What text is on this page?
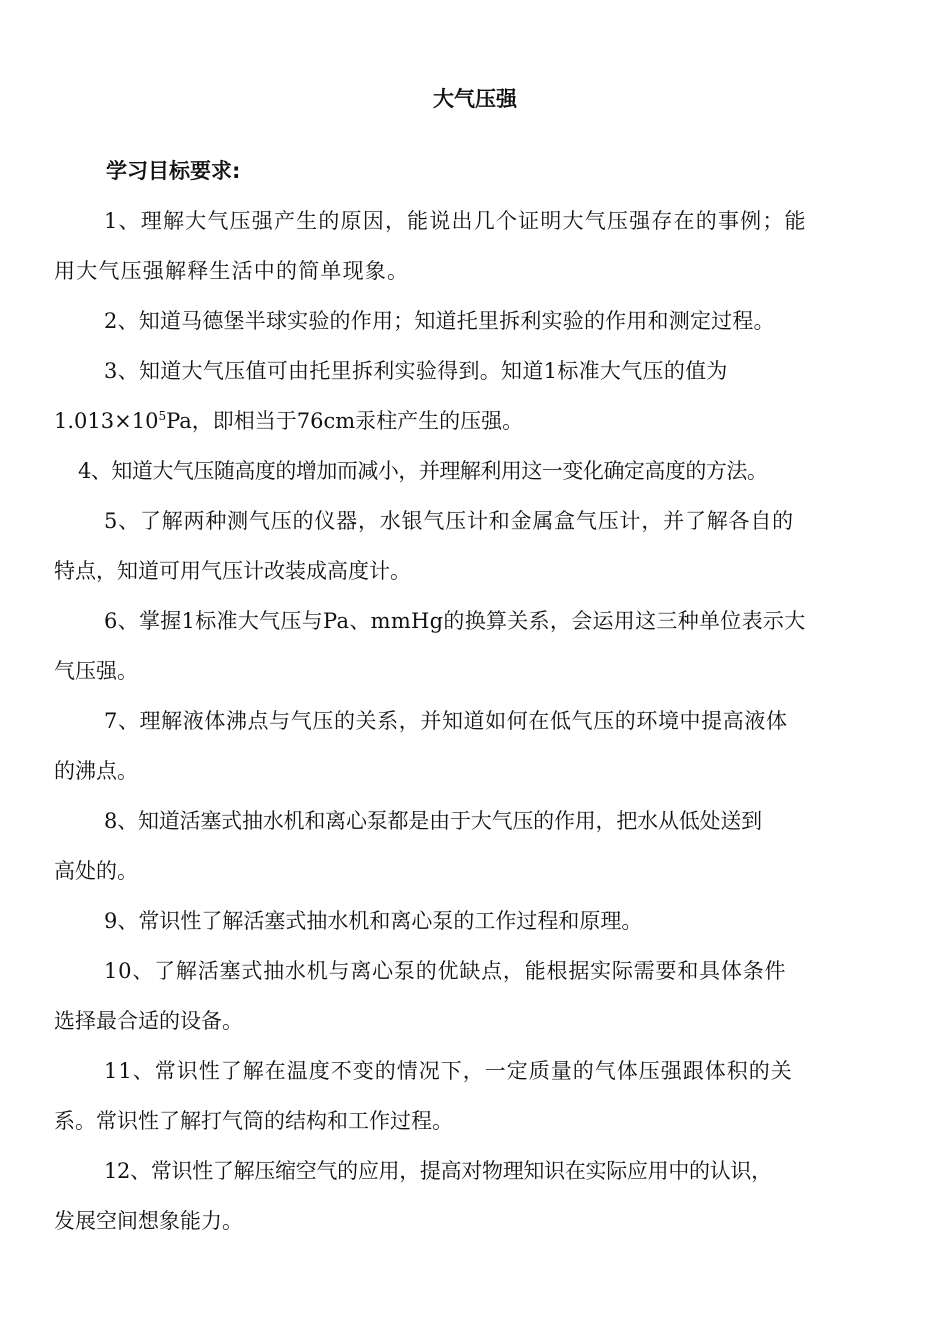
大气压强
学习目标要求:
1、理解大气压强产生的原因，能说出几个证明大气压强存在的事例；能
用大气压强解释生活中的简单现象。
2、知道马德堡半球实验的作用；知道托里拆利实验的作用和测定过程。
3、知道大气压值可由托里拆利实验得到。知道1标准大气压的值为
$1.013\times 10^5Pa$，即相当于76cm汞柱产生的压强。
4、知道大气压随高度的增加而减小，并理解利用这一变化确定高度的方法。
5、了解两种测气压的仪器，水银气压计和金属盒气压计，并了解各自的
特点，知道可用气压计改装成高度计。
6、掌握1标准大气压与Pa、mmHg的换算关系，会运用这三种单位表示大
气压强。
7、理解液体沸点与气压的关系，并知道如何在低气压的环境中提高液体
的沸点。
8、知道活塞式抽水机和离心泵都是由于大气压的作用，把水从低处送到
高处的。
9、常识性了解活塞式抽水机和离心泵的工作过程和原理。
10、了解活塞式抽水机与离心泵的优缺点，能根据实际需要和具体条件
选择最合适的设备。
11、常识性了解在温度不变的情况下，一定质量的气体压强跟体积的关
系。常识性了解打气筒的结构和工作过程。
12、常识性了解压缩空气的应用，提高对物理知识在实际应用中的认识，
发展空间想象能力。
